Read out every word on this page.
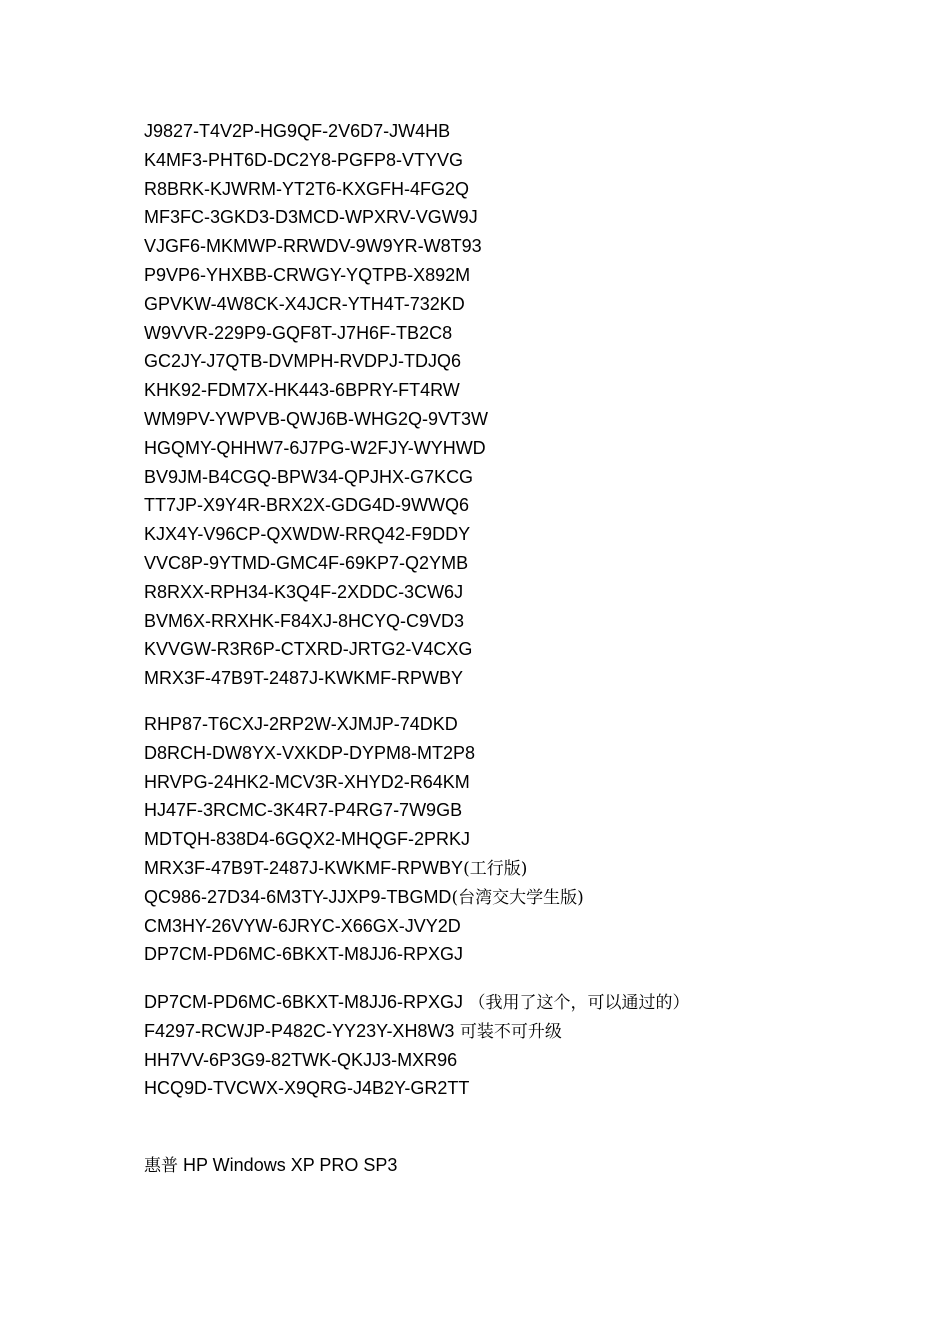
J9827-T4V2P-HG9QF-2V6D7-JW4HB
K4MF3-PHT6D-DC2Y8-PGFP8-VTYVG
R8BRK-KJWRM-YT2T6-KXGFH-4FG2Q
MF3FC-3GKD3-D3MCD-WPXRV-VGW9J
VJGF6-MKMWP-RRWDV-9W9YR-W8T93
P9VP6-YHXBB-CRWGY-YQTPB-X892M
GPVKW-4W8CK-X4JCR-YTH4T-732KD
W9VVR-229P9-GQF8T-J7H6F-TB2C8
GC2JY-J7QTB-DVMPH-RVDPJ-TDJQ6
KHK92-FDM7X-HK443-6BPRY-FT4RW
WM9PV-YWPVB-QWJ6B-WHG2Q-9VT3W
HGQMY-QHHW7-6J7PG-W2FJY-WYHWD
BV9JM-B4CGQ-BPW34-QPJHX-G7KCG
TT7JP-X9Y4R-BRX2X-GDG4D-9WWQ6
KJX4Y-V96CP-QXWDW-RRQ42-F9DDY
VVC8P-9YTMD-GMC4F-69KP7-Q2YMB
R8RXX-RPH34-K3Q4F-2XDDC-3CW6J
BVM6X-RRXHK-F84XJ-8HCYQ-C9VD3
KVVGW-R3R6P-CTXRD-JRTG2-V4CXG
MRX3F-47B9T-2487J-KWKMF-RPWBY
RHP87-T6CXJ-2RP2W-XJMJP-74DKD
D8RCH-DW8YX-VXKDP-DYPM8-MT2P8
HRVPG-24HK2-MCV3R-XHYD2-R64KM
HJ47F-3RCMC-3K4R7-P4RG7-7W9GB
MDTQH-838D4-6GQX2-MHQGF-2PRKJ
MRX3F-47B9T-2487J-KWKMF-RPWBY(工行版)
QC986-27D34-6M3TY-JJXP9-TBGMD(台湾交大学生版)
CM3HY-26VYW-6JRYC-X66GX-JVY2D
DP7CM-PD6MC-6BKXT-M8JJ6-RPXGJ
DP7CM-PD6MC-6BKXT-M8JJ6-RPXGJ （我用了这个，可以通过的）
F4297-RCWJP-P482C-YY23Y-XH8W3 可装不可升级
HH7VV-6P3G9-82TWK-QKJJ3-MXR96
HCQ9D-TVCWX-X9QRG-J4B2Y-GR2TT
惠普 HP Windows XP PRO SP3
